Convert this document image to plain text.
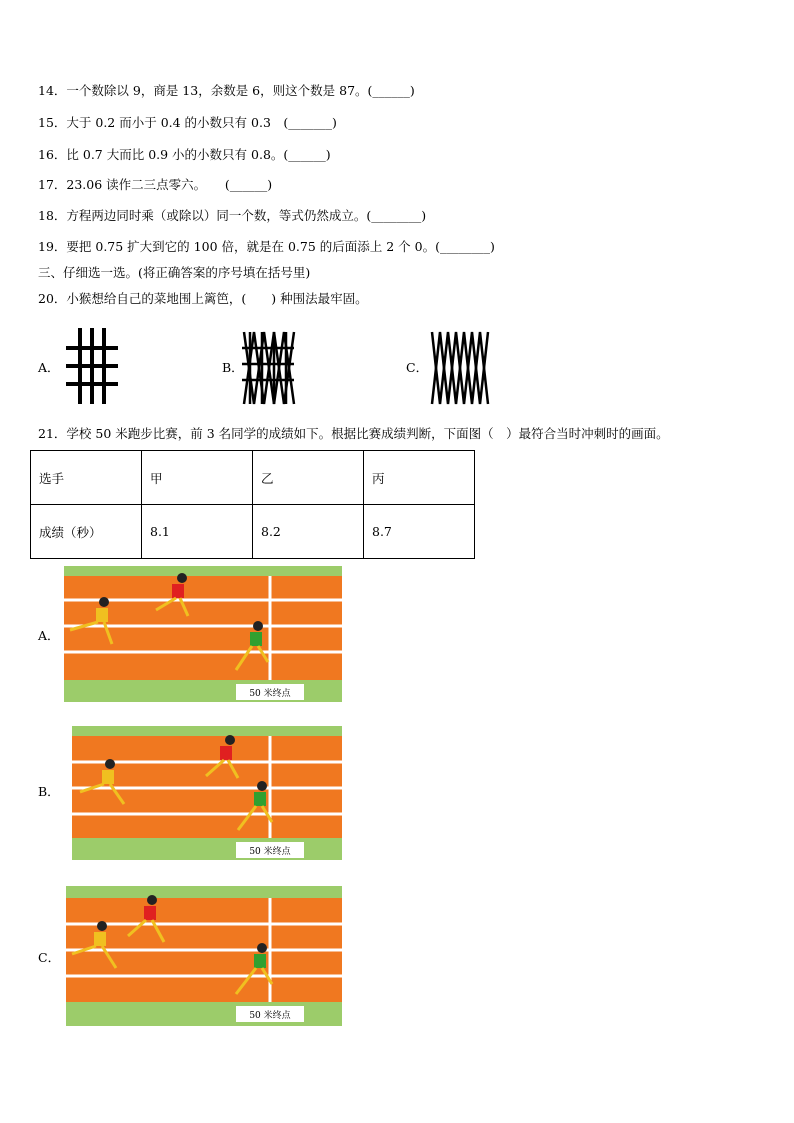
14．一个数除以 9，商是 13，余数是 6，则这个数是 87。(______)
15．大于 0.2 而小于 0.4 的小数只有 0.3　(_______)
16．比 0.7 大而比 0.9 小的小数只有 0.8。(______)
17．23.06 读作二三点零六。　　(______)
18．方程两边同时乘（或除以）同一个数，等式仍然成立。(________)
19．要把 0.75 扩大到它的 100 倍，就是在 0.75 的后面添上 2 个 0。(________)
三、仔细选一选。(将正确答案的序号填在括号里)
20．小猴想给自己的菜地围上篱笆，(　　) 种围法最牢固。
A．	B．	C．
21．学校 50 米跑步比赛，前 3 名同学的成绩如下。根据比赛成绩判断，下面图（　）最符合当时冲刺时的画面。
选手	甲	乙	丙
成绩（秒）	8.1	8.2	8.7
A．
50 米终点
B．
50 米终点
C．
50 米终点
